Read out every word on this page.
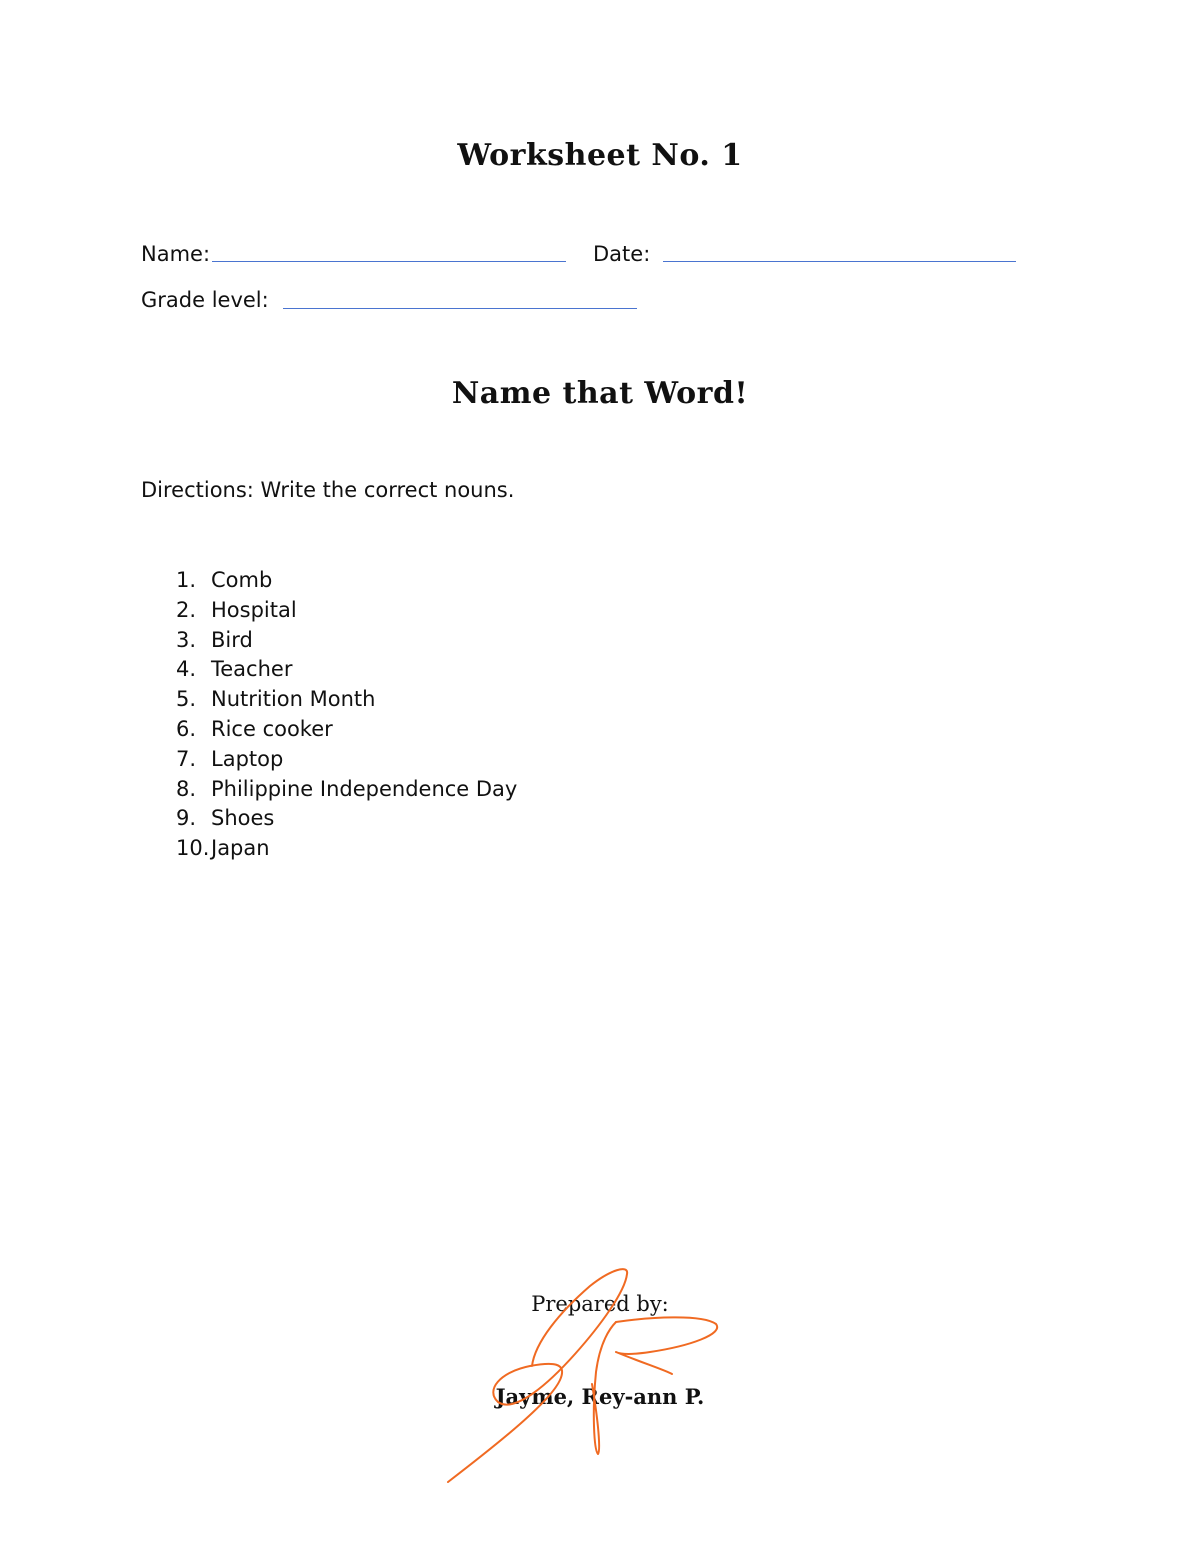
Worksheet No. 1
Name:	Date:
Grade level:
Name that Word!
Directions: Write the correct nouns.
1. Comb
2. Hospital
3. Bird
4. Teacher
5. Nutrition Month
6. Rice cooker
7. Laptop
8. Philippine Independence Day
9. Shoes
10. Japan
Prepared by:
Jayme, Rey-ann P.
